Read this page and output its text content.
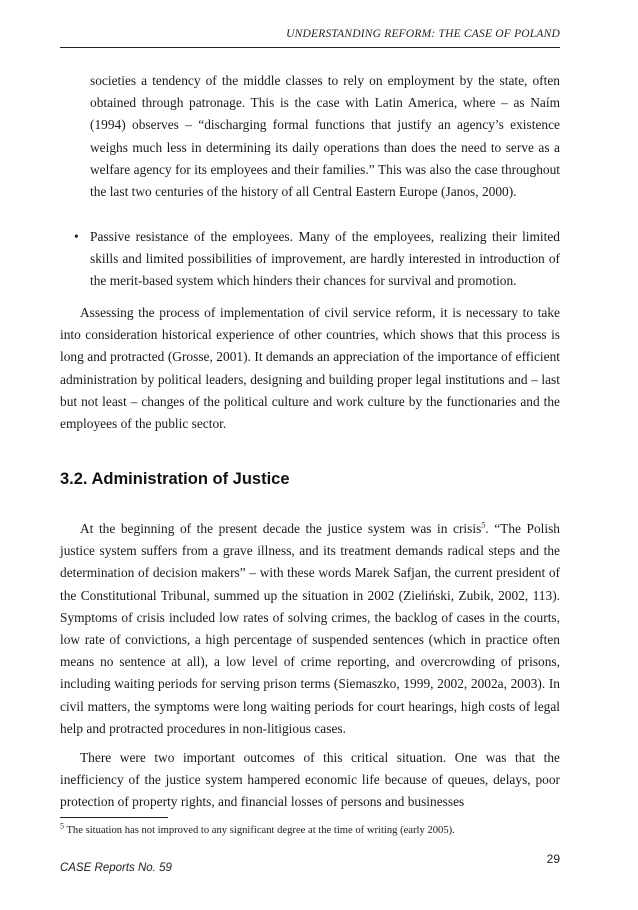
UNDERSTANDING REFORM: THE CASE OF POLAND
societies a tendency of the middle classes to rely on employment by the state, often obtained through patronage. This is the case with Latin America, where – as Naím (1994) observes – “discharging formal functions that justify an agency’s existence weighs much less in determining its daily operations than does the need to serve as a welfare agency for its employees and their families.” This was also the case throughout the last two centuries of the history of all Central Eastern Europe (Janos, 2000).
• Passive resistance of the employees. Many of the employees, realizing their limited skills and limited possibilities of improvement, are hardly interested in introduction of the merit-based system which hinders their chances for survival and promotion.

Assessing the process of implementation of civil service reform, it is necessary to take into consideration historical experience of other countries, which shows that this process is long and protracted (Grosse, 2001). It demands an appreciation of the importance of efficient administration by political leaders, designing and building proper legal institutions and – last but not least – changes of the political culture and work culture by the functionaries and the employees of the public sector.

3.2. Administration of Justice

At the beginning of the present decade the justice system was in crisis$^5$. “The Polish justice system suffers from a grave illness, and its treatment demands radical steps and the determination of decision makers” – with these words Marek Safjan, the current president of the Constitutional Tribunal, summed up the situation in 2002 (Zieliński, Zubik, 2002, 113). Symptoms of crisis included low rates of solving crimes, the backlog of cases in the courts, low rate of convictions, a high percentage of suspended sentences (which in practice often means no sentence at all), a low level of crime reporting, and overcrowding of prisons, including waiting periods for serving prison terms (Siemaszko, 1999, 2002, 2002a, 2003). In civil matters, the symptoms were long waiting periods for court hearings, high costs of legal help and protracted procedures in non-litigious cases.

There were two important outcomes of this critical situation. One was that the inefficiency of the justice system hampered economic life because of queues, delays, poor protection of property rights, and financial losses of persons and businesses

$^5$ The situation has not improved to any significant degree at the time of writing (early 2005).
CASE Reports No. 59
29
